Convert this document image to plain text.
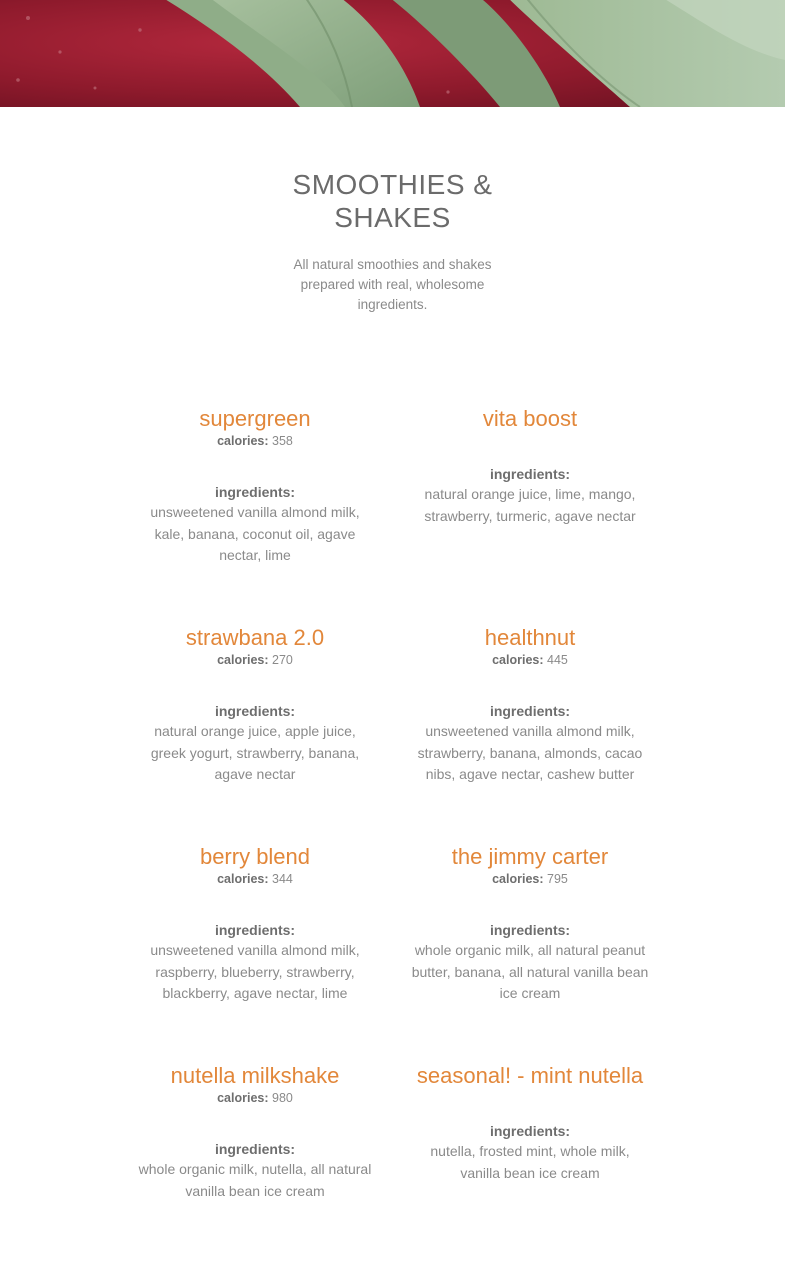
SMOOTHIES &
SHAKES

All natural smoothies and shakes prepared with real, wholesome ingredients.

supergreen
calories: 358
ingredients:

unsweetened vanilla almond milk, kale, banana, coconut oil, agave nectar, lime

vita boost
ingredients:

natural orange juice, lime, mango, strawberry, turmeric, agave nectar

strawbana 2.0
calories: 270
ingredients:

natural orange juice, apple juice, greek yogurt, strawberry, banana, agave nectar

healthnut
calories: 445
ingredients:

unsweetened vanilla almond milk, strawberry, banana, almonds, cacao nibs, agave nectar, cashew butter

berry blend
calories: 344
ingredients:

unsweetened vanilla almond milk, raspberry, blueberry, strawberry, blackberry, agave nectar, lime

the jimmy carter
calories: 795
ingredients:

whole organic milk, all natural peanut butter, banana, all natural vanilla bean ice cream

nutella milkshake
calories: 980
ingredients:

whole organic milk, nutella, all natural vanilla bean ice cream

seasonal! - mint nutella
ingredients:

nutella, frosted mint, whole milk, vanilla bean ice cream
